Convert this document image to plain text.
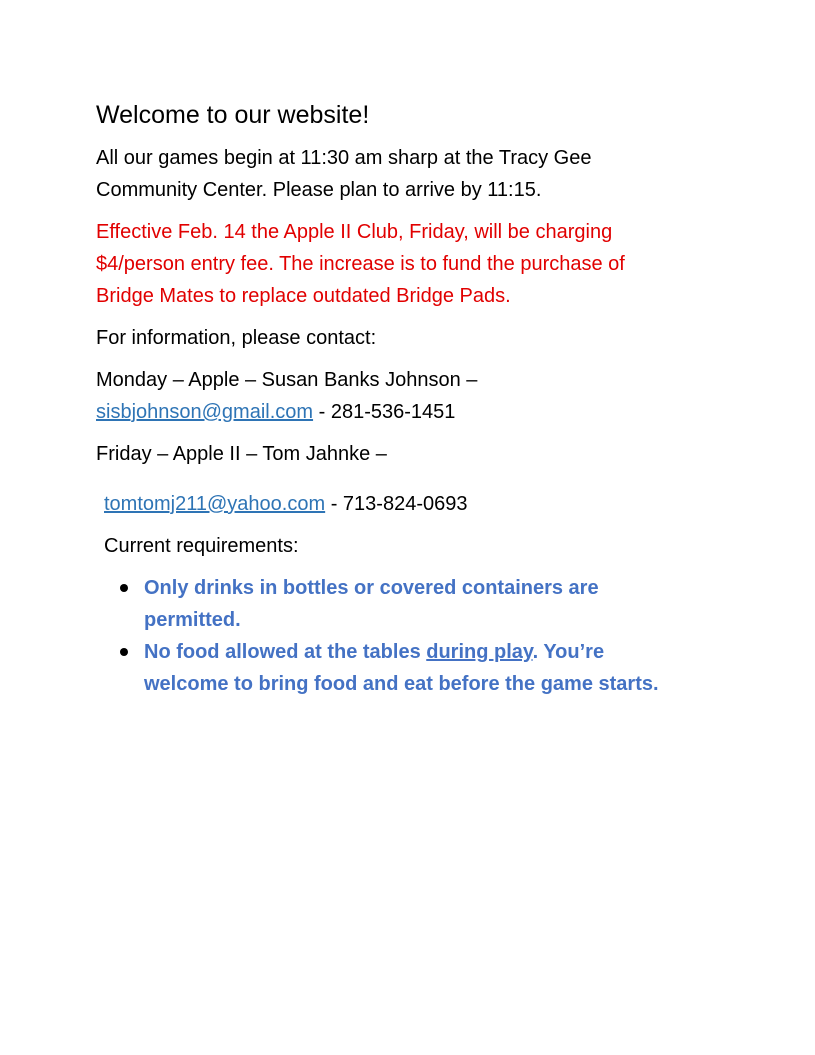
Welcome to our website!

All our games begin at 11:30 am sharp at the Tracy Gee
Community Center. Please plan to arrive by 11:15.

Effective Feb. 14 the Apple II Club, Friday, will be charging
$4/person entry fee. The increase is to fund the purchase of
Bridge Mates to replace outdated Bridge Pads.

For information, please contact:

Monday – Apple – Susan Banks Johnson –
sisbjohnson@gmail.com - 281-536-1451

Friday – Apple II – Tom Jahnke –

tomtomj211@yahoo.com - 713-824-0693

Current requirements:

Only drinks in bottles or covered containers are
permitted.
No food allowed at the tables during play. You’re
welcome to bring food and eat before the game starts.
